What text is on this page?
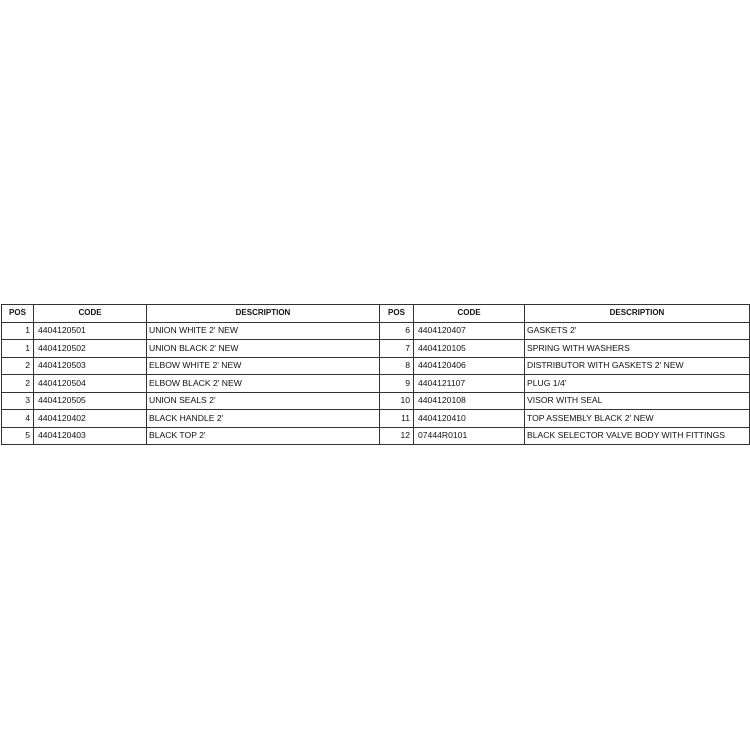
POS	CODE	DESCRIPTION	POS	CODE	DESCRIPTION
1	4404120501	UNION WHITE 2' NEW	6	4404120407	GASKETS 2'
1	4404120502	UNION BLACK 2' NEW	7	4404120105	SPRING WITH WASHERS
2	4404120503	ELBOW WHITE 2' NEW	8	4404120406	DISTRIBUTOR WITH GASKETS 2' NEW
2	4404120504	ELBOW BLACK 2' NEW	9	4404121107	PLUG 1/4'
3	4404120505	UNION SEALS 2'	10	4404120108	VISOR WITH SEAL
4	4404120402	BLACK HANDLE 2'	11	4404120410	TOP ASSEMBLY BLACK 2' NEW
5	4404120403	BLACK TOP 2'	12	07444R0101	BLACK SELECTOR VALVE BODY WITH FITTINGS
